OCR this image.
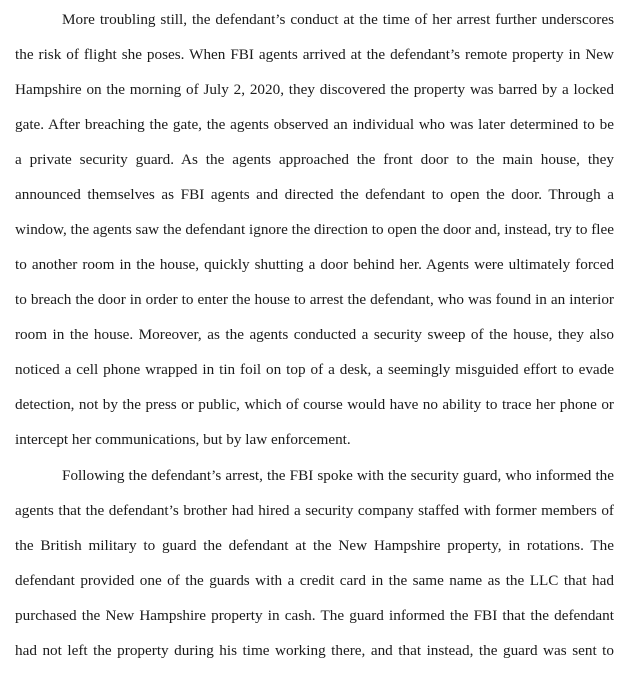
More troubling still, the defendant’s conduct at the time of her arrest further underscores
the risk of flight she poses. When FBI agents arrived at the defendant’s remote property in New
Hampshire on the morning of July 2, 2020, they discovered the property was barred by a locked
gate. After breaching the gate, the agents observed an individual who was later determined to be
a private security guard. As the agents approached the front door to the main house, they
announced themselves as FBI agents and directed the defendant to open the door. Through a
window, the agents saw the defendant ignore the direction to open the door and, instead, try to flee
to another room in the house, quickly shutting a door behind her. Agents were ultimately forced
to breach the door in order to enter the house to arrest the defendant, who was found in an interior
room in the house. Moreover, as the agents conducted a security sweep of the house, they also
noticed a cell phone wrapped in tin foil on top of a desk, a seemingly misguided effort to evade
detection, not by the press or public, which of course would have no ability to trace her phone or
intercept her communications, but by law enforcement.
Following the defendant’s arrest, the FBI spoke with the security guard, who informed the
agents that the defendant’s brother had hired a security company staffed with former members of
the British military to guard the defendant at the New Hampshire property, in rotations. The
defendant provided one of the guards with a credit card in the same name as the LLC that had
purchased the New Hampshire property in cash. The guard informed the FBI that the defendant
had not left the property during his time working there, and that instead, the guard was sent to
